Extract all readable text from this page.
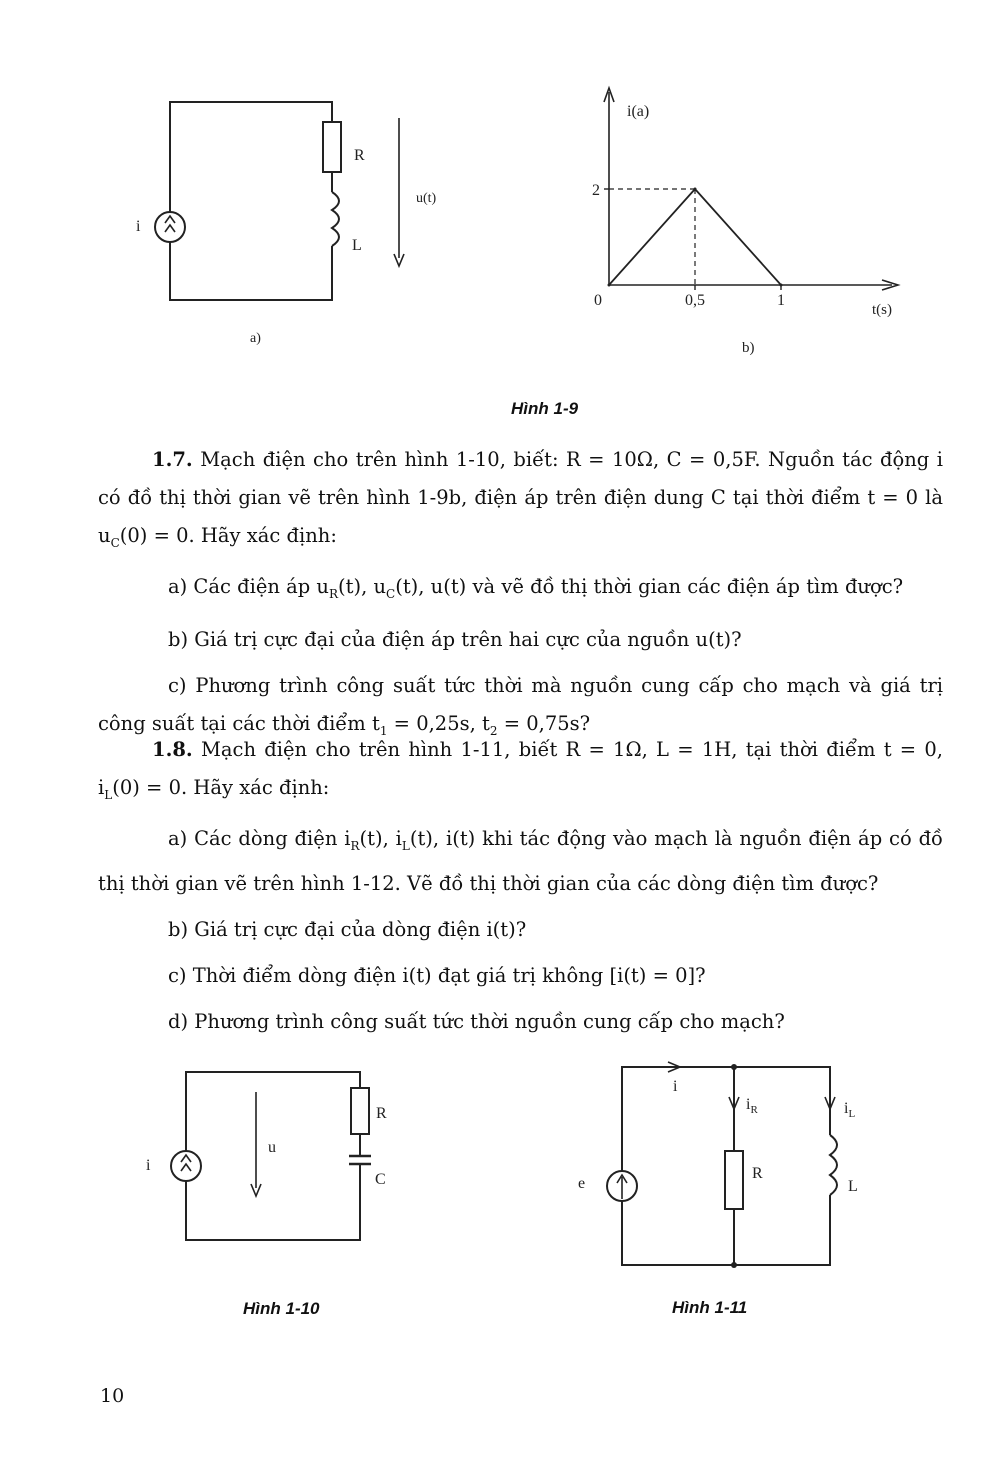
i
R
L
u(t)
a)
i(a)
t(s)
0
2
0,5	1
b)
Hình 1-9

1.7. Mạch điện cho trên hình 1-10, biết: R = 10Ω, C = 0,5F. Nguồn tác động i có đồ thị thời gian vẽ trên hình 1-9b, điện áp trên điện dung C tại thời điểm t = 0 là $u_C(0) = 0$. Hãy xác định:

a) Các điện áp $u_R(t)$, $u_C(t)$, u(t) và vẽ đồ thị thời gian các điện áp tìm được?

b) Giá trị cực đại của điện áp trên hai cực của nguồn u(t)?

c) Phương trình công suất tức thời mà nguồn cung cấp cho mạch và giá trị công suất tại các thời điểm $t_1 = 0,25s$, $t_2 = 0,75s$?

1.8. Mạch điện cho trên hình 1-11, biết R = 1Ω, L = 1H, tại thời điểm t = 0, $i_L(0) = 0$. Hãy xác định:

a) Các dòng điện $i_R(t)$, $i_L(t)$, i(t) khi tác động vào mạch là nguồn điện áp có đồ thị thời gian vẽ trên hình 1-12. Vẽ đồ thị thời gian của các dòng điện tìm được?

b) Giá trị cực đại của dòng điện i(t)?

c) Thời điểm dòng điện i(t) đạt giá trị không [i(t) = 0]?

d) Phương trình công suất tức thời nguồn cung cấp cho mạch?

i
u
R
C
Hình 1-10
e
i
$i_R$	$i_L$
R
L
Hình 1-11
10
